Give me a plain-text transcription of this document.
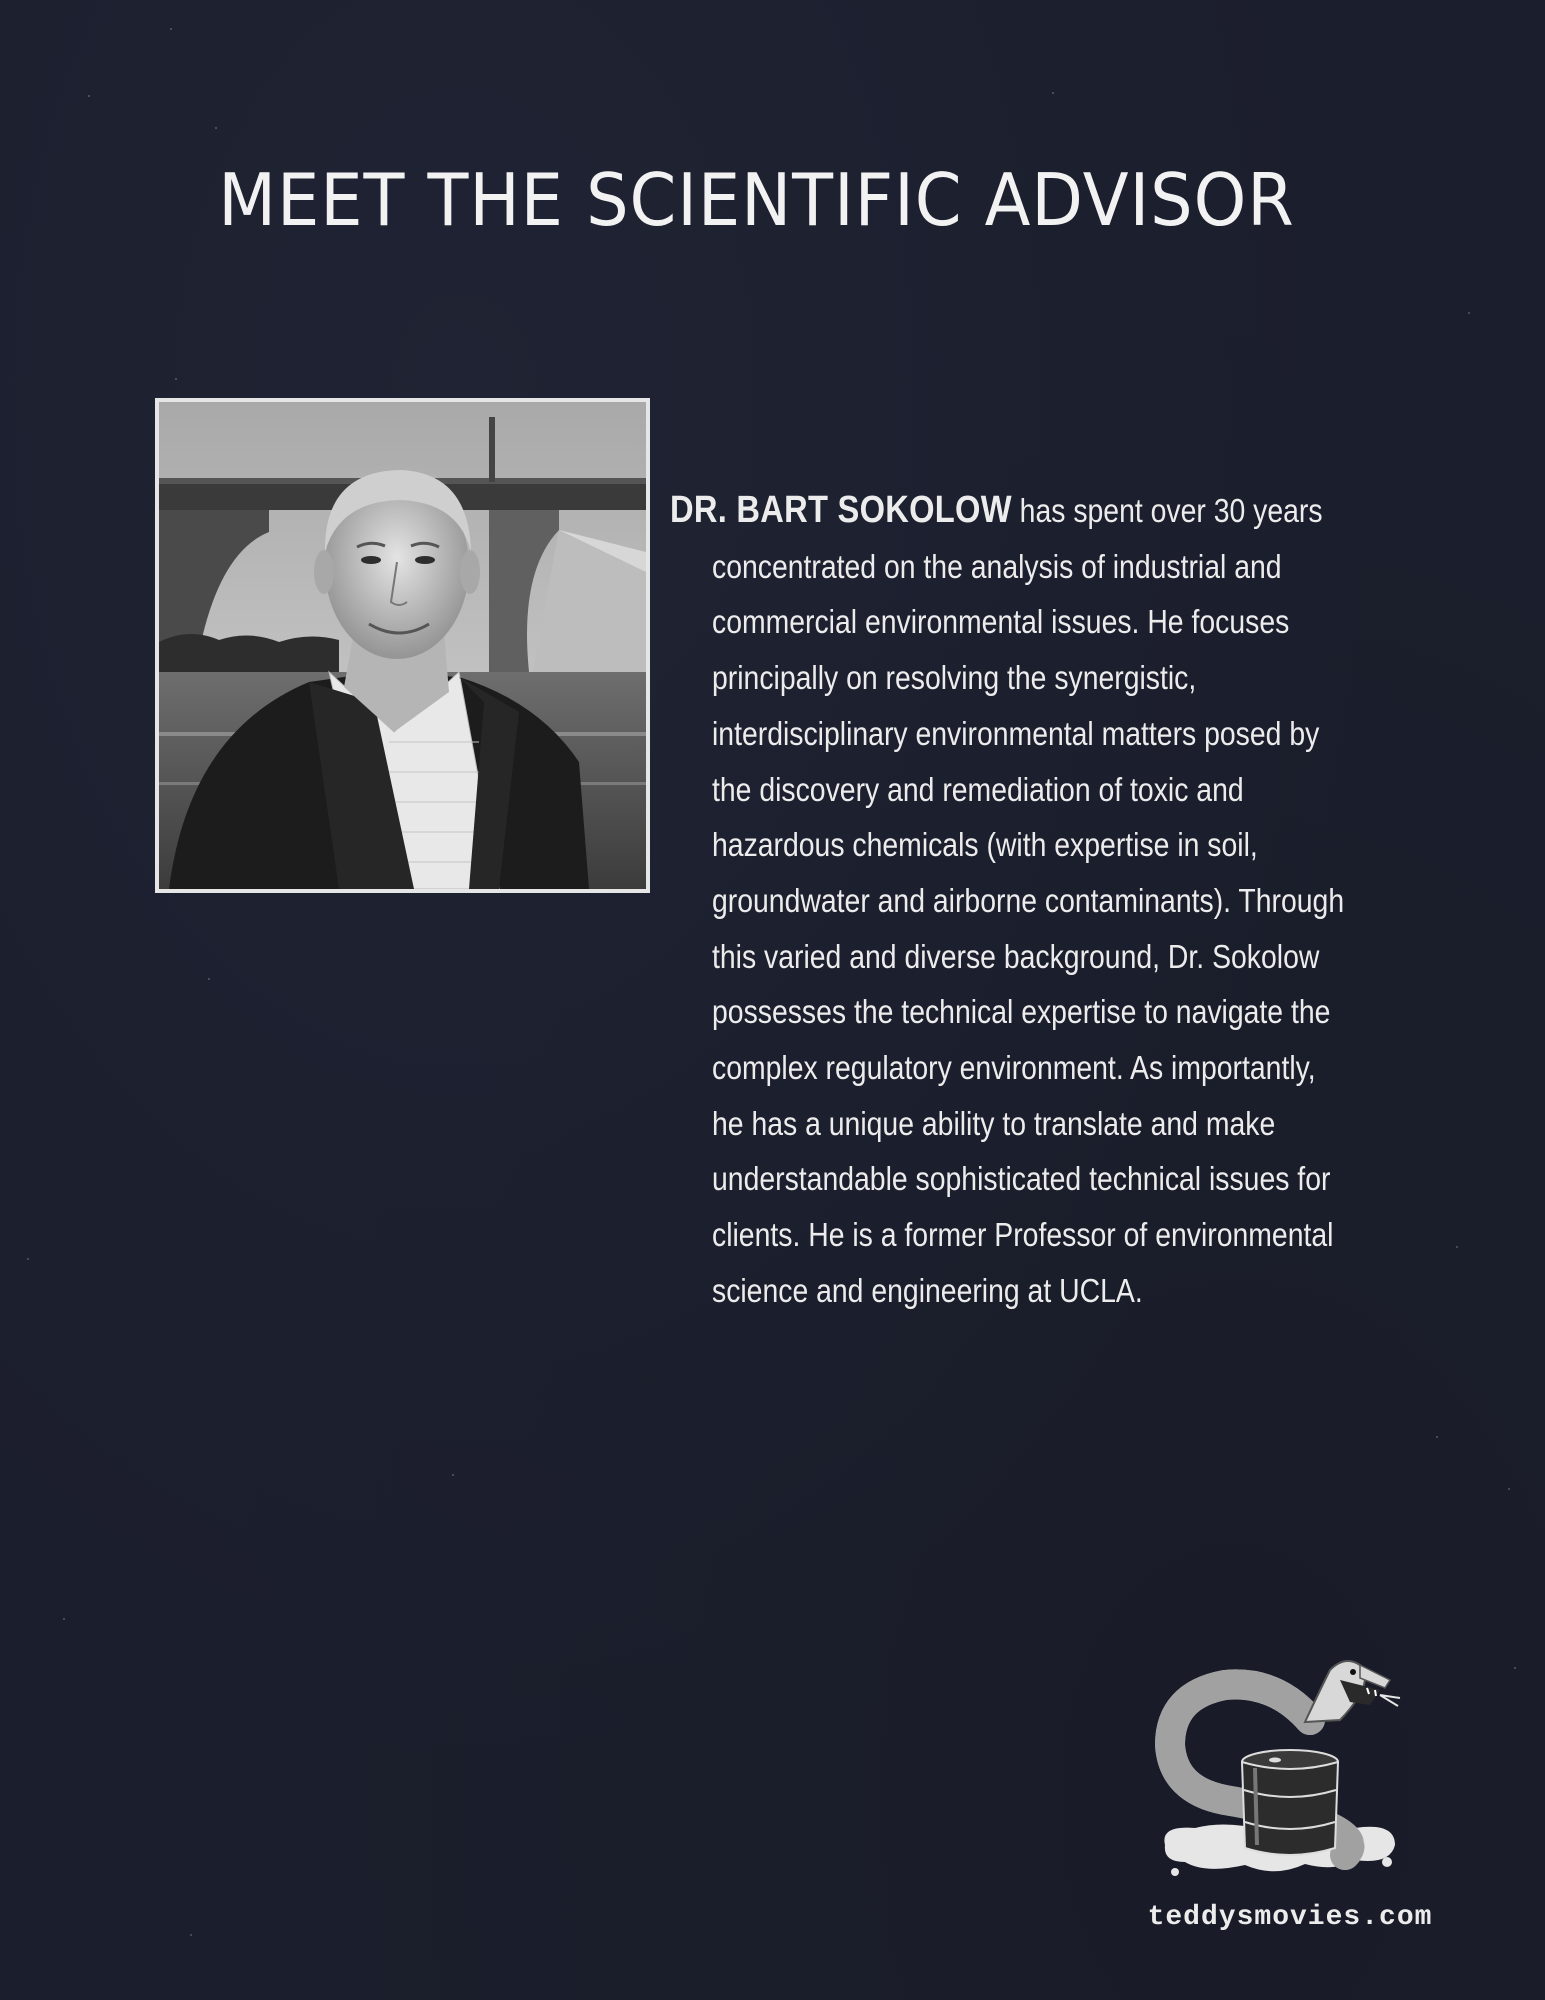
MEET THE SCIENTIFIC ADVISOR
DR. BART SOKOLOW has spent over 30 years
concentrated on the analysis of industrial and
commercial environmental issues. He focuses
principally on resolving the synergistic,
interdisciplinary environmental matters posed by
the discovery and remediation of toxic and
hazardous chemicals (with expertise in soil,
groundwater and airborne contaminants). Through
this varied and diverse background, Dr. Sokolow
possesses the technical expertise to navigate the
complex regulatory environment. As importantly,
he has a unique ability to translate and make
understandable sophisticated technical issues for
clients. He is a former Professor of environmental
science and engineering at UCLA.
teddysmovies.com
